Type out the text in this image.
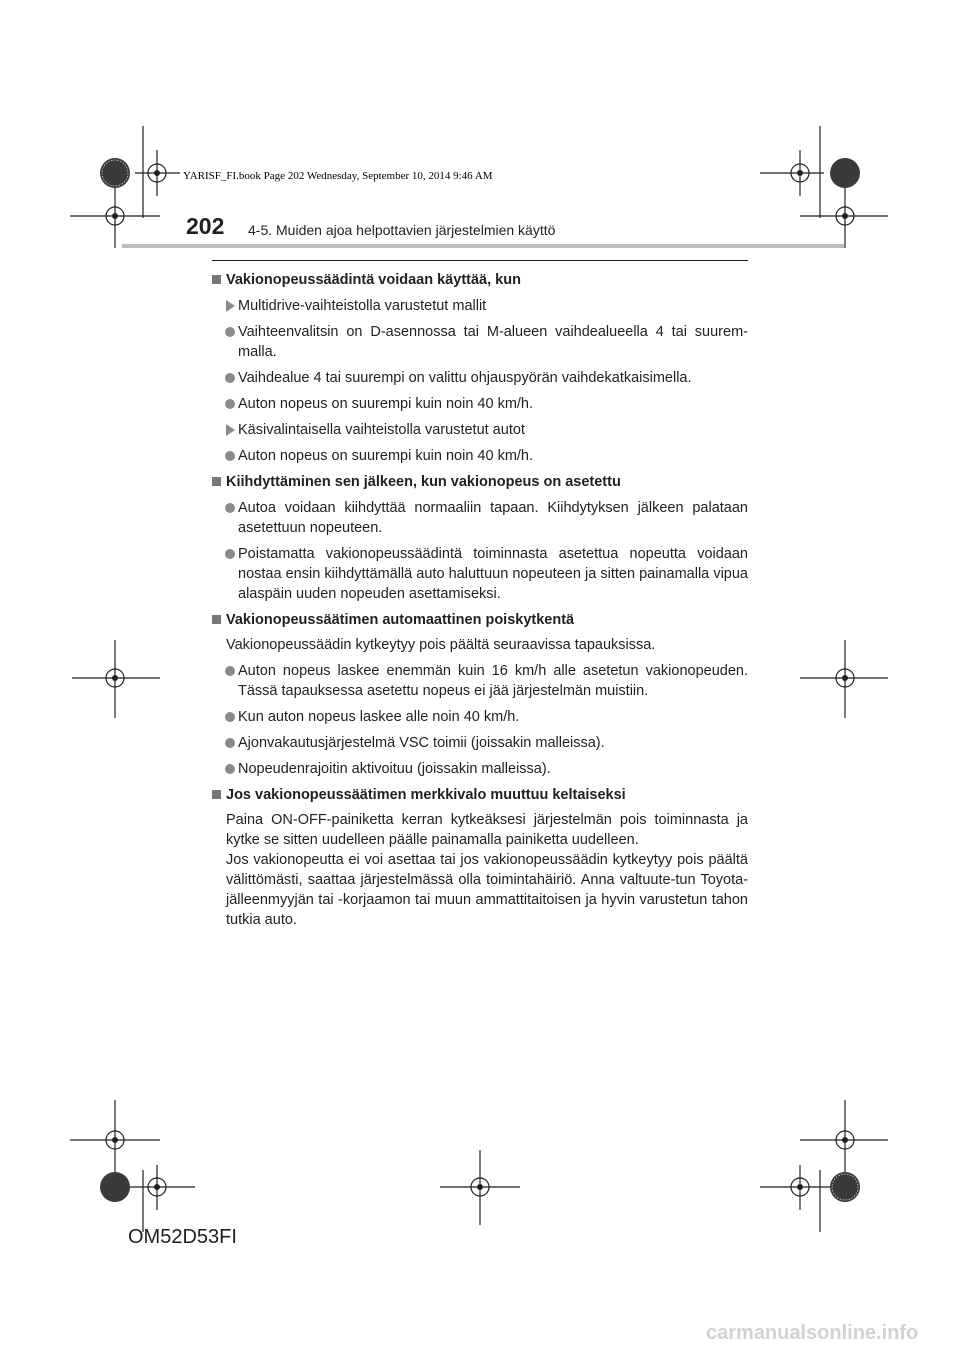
YARISF_FI.book Page 202 Wednesday, September 10, 2014 9:46 AM
202 4-5. Muiden ajoa helpottavien järjestelmien käyttö
Vakionopeussäädintä voidaan käyttää, kun
Multidrive-vaihteistolla varustetut mallit
Vaihteenvalitsin on D-asennossa tai M-alueen vaihdealueella 4 tai suurem-malla.
Vaihdealue 4 tai suurempi on valittu ohjauspyörän vaihdekatkaisimella.
Auton nopeus on suurempi kuin noin 40 km/h.
Käsivalintaisella vaihteistolla varustetut autot
Auton nopeus on suurempi kuin noin 40 km/h.
Kiihdyttäminen sen jälkeen, kun vakionopeus on asetettu
Autoa voidaan kiihdyttää normaaliin tapaan. Kiihdytyksen jälkeen palataan asetettuun nopeuteen.
Poistamatta vakionopeussäädintä toiminnasta asetettua nopeutta voidaan nostaa ensin kiihdyttämällä auto haluttuun nopeuteen ja sitten painamalla vipua alaspäin uuden nopeuden asettamiseksi.
Vakionopeussäätimen automaattinen poiskytkentä
Vakionopeussäädin kytkeytyy pois päältä seuraavissa tapauksissa.
Auton nopeus laskee enemmän kuin 16 km/h alle asetetun vakionopeuden. Tässä tapauksessa asetettu nopeus ei jää järjestelmän muistiin.
Kun auton nopeus laskee alle noin 40 km/h.
Ajonvakautusjärjestelmä VSC toimii (joissakin malleissa).
Nopeudenrajoitin aktivoituu (joissakin malleissa).
Jos vakionopeussäätimen merkkivalo muuttuu keltaiseksi
Paina ON-OFF-painiketta kerran kytkeäksesi järjestelmän pois toiminnasta ja kytke se sitten uudelleen päälle painamalla painiketta uudelleen.
Jos vakionopeutta ei voi asettaa tai jos vakionopeussäädin kytkeytyy pois päältä välittömästi, saattaa järjestelmässä olla toimintahäiriö. Anna valtuute-tun Toyota-jälleenmyyjän tai -korjaamon tai muun ammattitaitoisen ja hyvin varustetun tahon tutkia auto.
OM52D53FI
carmanualsonline.info
